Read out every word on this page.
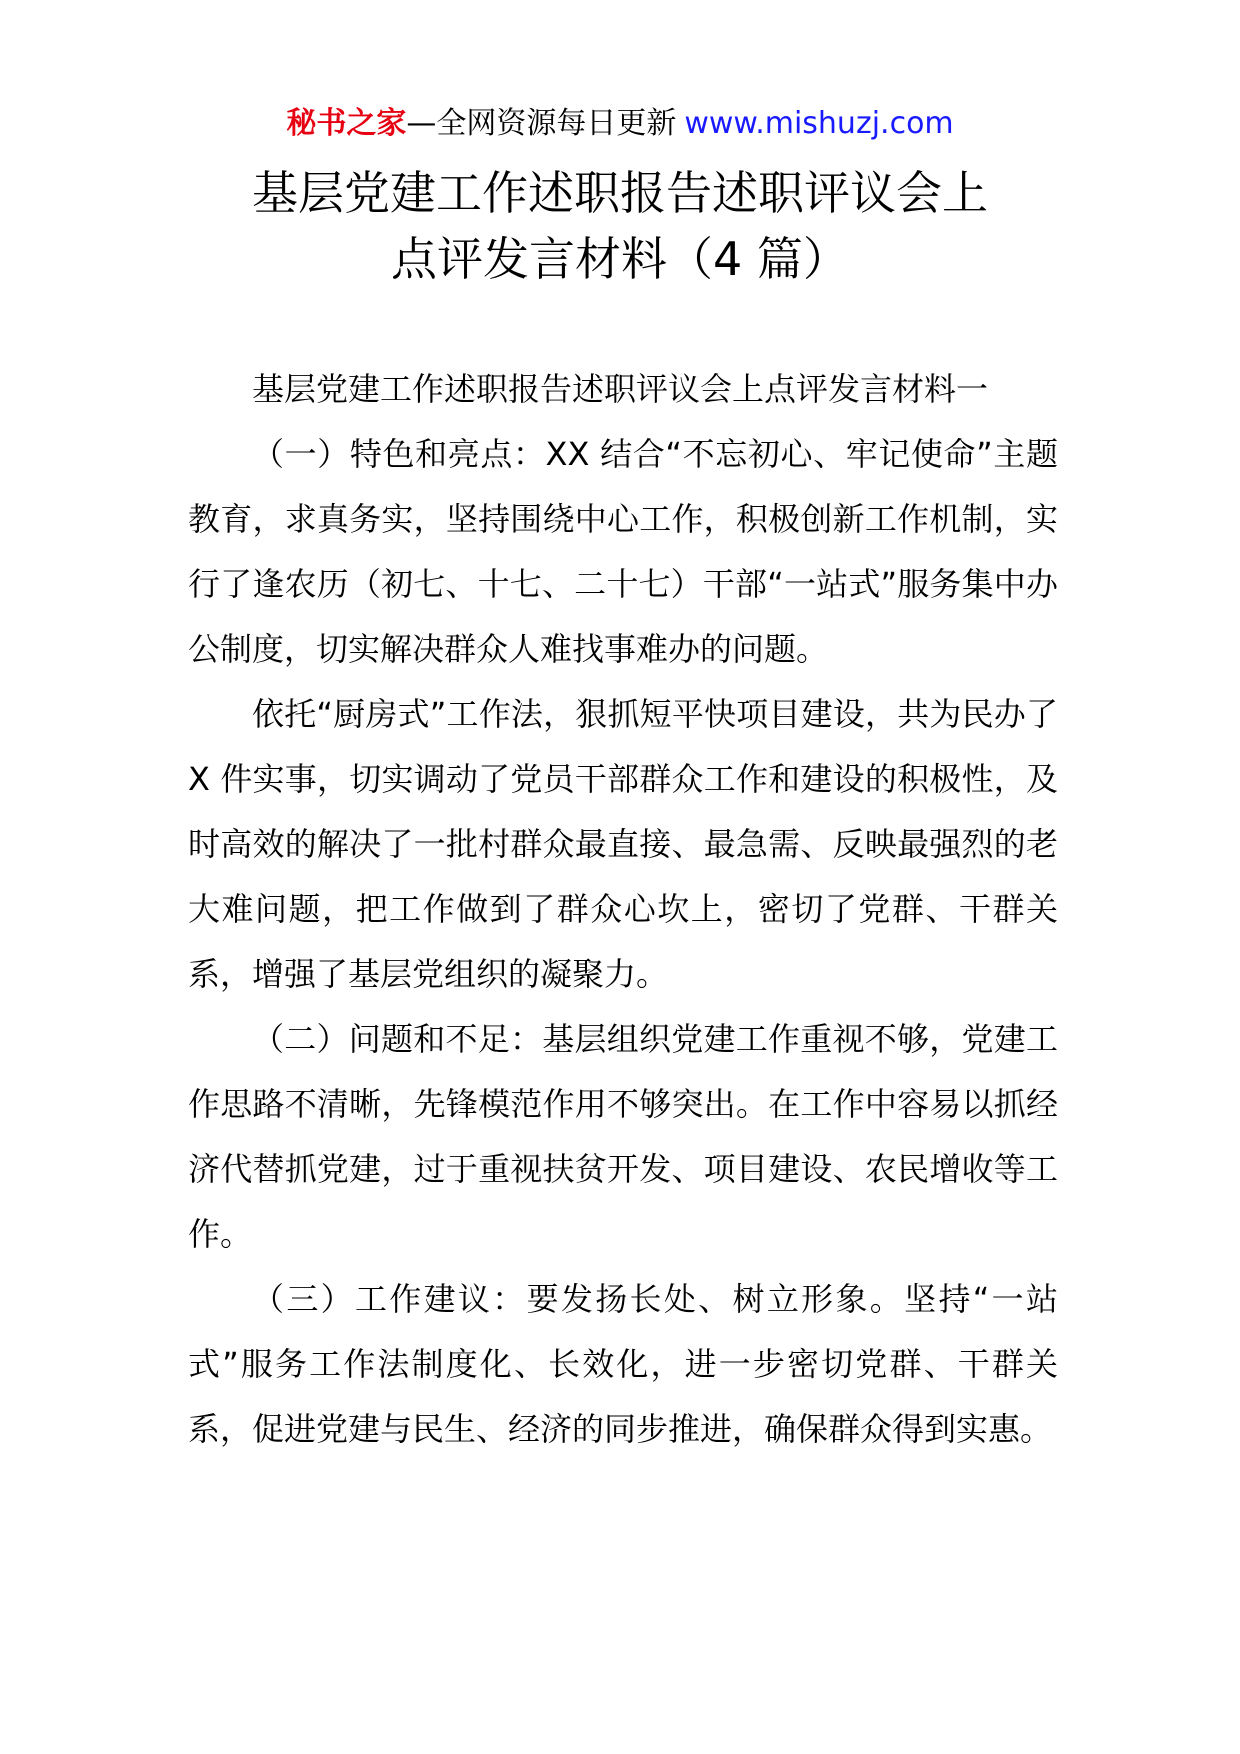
秘书之家—全网资源每日更新 www.mishuzj.com
基层党建工作述职报告述职评议会上
点评发言材料（4 篇）

基层党建工作述职报告述职评议会上点评发言材料一

（一）特色和亮点：XX 结合“不忘初心、牢记使命”主题教育，求真务实，坚持围绕中心工作，积极创新工作机制，实行了逢农历（初七、十七、二十七）干部“一站式”服务集中办公制度，切实解决群众人难找事难办的问题。

依托“厨房式”工作法，狠抓短平快项目建设，共为民办了 X 件实事，切实调动了党员干部群众工作和建设的积极性，及时高效的解决了一批村群众最直接、最急需、反映最强烈的老大难问题，把工作做到了群众心坎上，密切了党群、干群关系，增强了基层党组织的凝聚力。

（二）问题和不足：基层组织党建工作重视不够，党建工作思路不清晰，先锋模范作用不够突出。在工作中容易以抓经济代替抓党建，过于重视扶贫开发、项目建设、农民增收等工作。

（三）工作建议：要发扬长处、树立形象。坚持“一站式”服务工作法制度化、长效化，进一步密切党群、干群关系，促进党建与民生、经济的同步推进，确保群众得到实惠。
